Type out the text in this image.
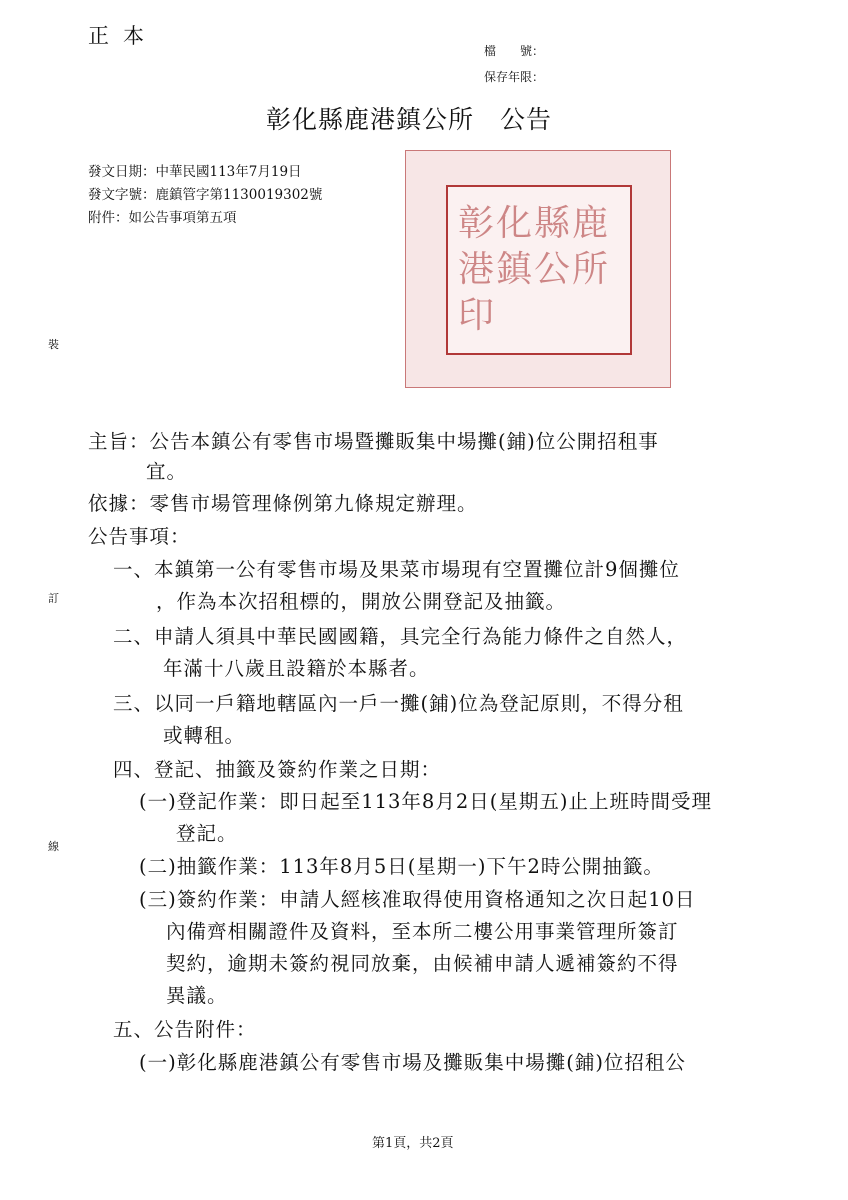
正本
檔　　號：
保存年限：
彰化縣鹿港鎮公所　公告
發文日期：中華民國113年7月19日
發文字號：鹿鎮管字第1130019302號
附件：如公告事項第五項	彰化縣鹿港鎮公所印
裝
訂
線
主旨：公告本鎮公有零售市場暨攤販集中場攤(鋪)位公開招租事
宜。
依據：零售市場管理條例第九條規定辦理。
公告事項：
一、本鎮第一公有零售市場及果菜市場現有空置攤位計9個攤位
，作為本次招租標的，開放公開登記及抽籤。
二、申請人須具中華民國國籍，具完全行為能力條件之自然人，
年滿十八歲且設籍於本縣者。
三、以同一戶籍地轄區內一戶一攤(鋪)位為登記原則，不得分租
或轉租。
四、登記、抽籤及簽約作業之日期：
(一)登記作業：即日起至113年8月2日(星期五)止上班時間受理
登記。
(二)抽籤作業：113年8月5日(星期一)下午2時公開抽籤。
(三)簽約作業：申請人經核准取得使用資格通知之次日起10日
內備齊相關證件及資料，至本所二樓公用事業管理所簽訂
契約，逾期未簽約視同放棄，由候補申請人遞補簽約不得
異議。
五、公告附件：
(一)彰化縣鹿港鎮公有零售市場及攤販集中場攤(鋪)位招租公
第1頁，共2頁
